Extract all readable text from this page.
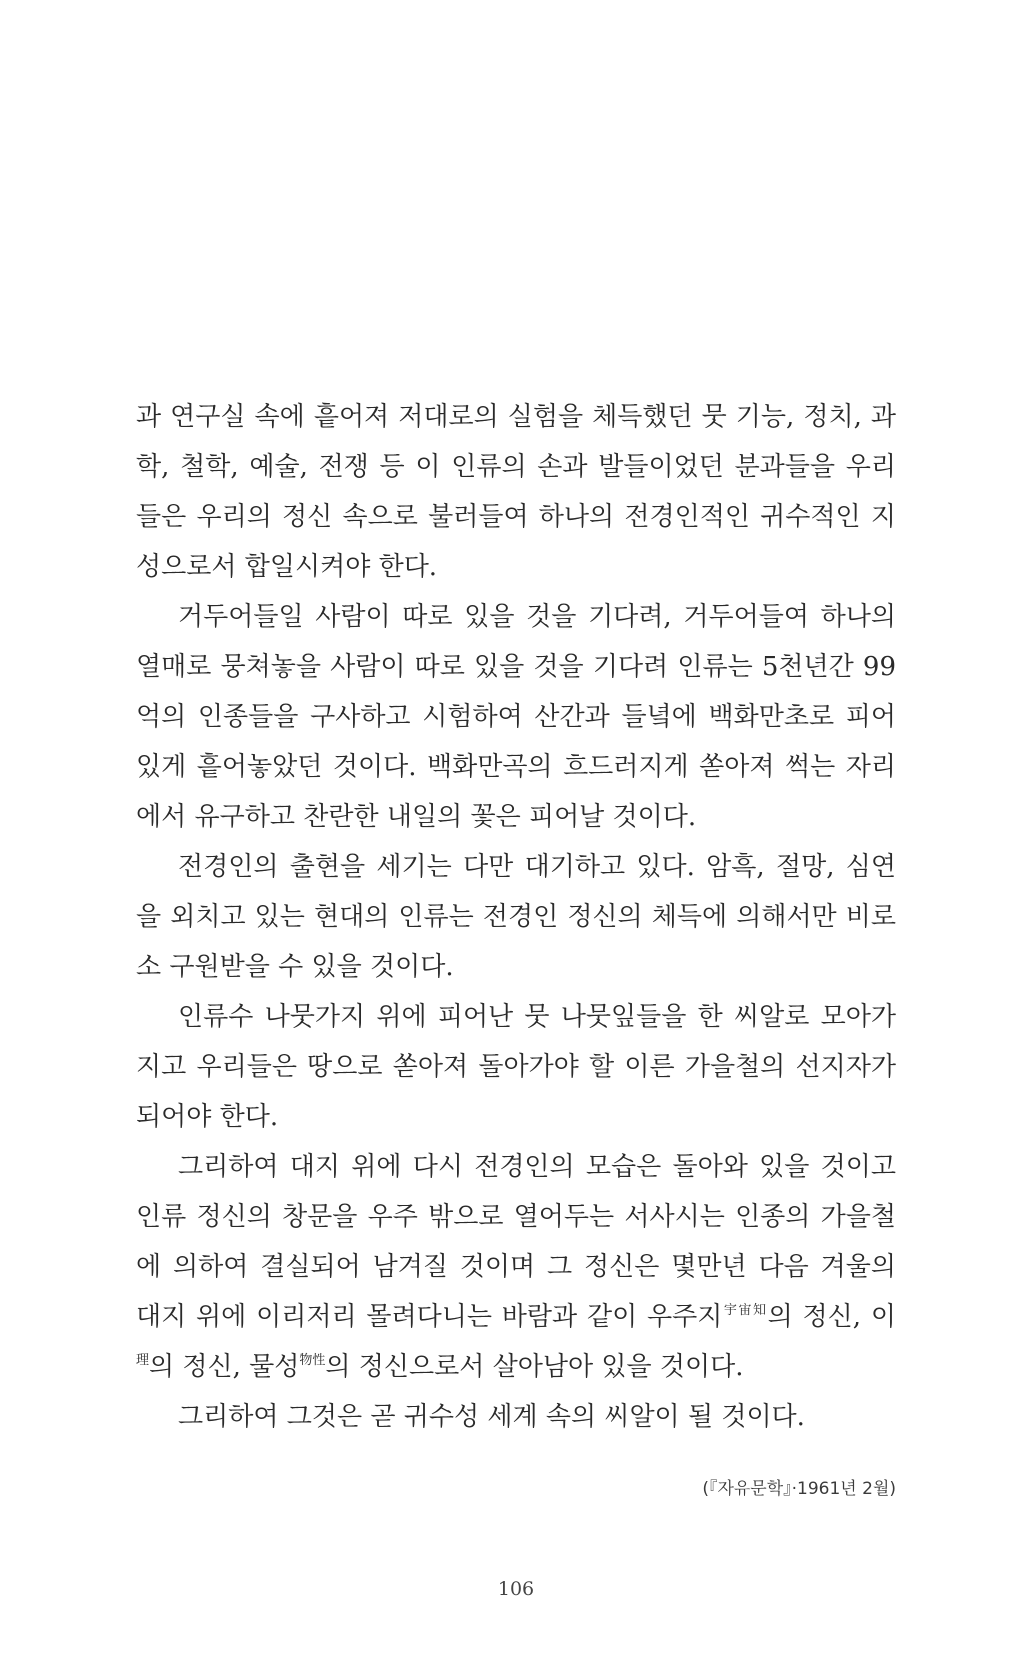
과 연구실 속에 흩어져 저대로의 실험을 체득했던 뭇 기능, 정치, 과
학, 철학, 예술, 전쟁 등 이 인류의 손과 발들이었던 분과들을 우리
들은 우리의 정신 속으로 불러들여 하나의 전경인적인 귀수적인 지
성으로서 합일시켜야 한다.
거두어들일 사람이 따로 있을 것을 기다려, 거두어들여 하나의
열매로 뭉쳐놓을 사람이 따로 있을 것을 기다려 인류는 5천년간 99
억의 인종들을 구사하고 시험하여 산간과 들녘에 백화만초로 피어
있게 흩어놓았던 것이다. 백화만곡의 흐드러지게 쏟아져 썩는 자리
에서 유구하고 찬란한 내일의 꽃은 피어날 것이다.
전경인의 출현을 세기는 다만 대기하고 있다. 암흑, 절망, 심연
을 외치고 있는 현대의 인류는 전경인 정신의 체득에 의해서만 비로
소 구원받을 수 있을 것이다.
인류수 나뭇가지 위에 피어난 뭇 나뭇잎들을 한 씨알로 모아가
지고 우리들은 땅으로 쏟아져 돌아가야 할 이른 가을철의 선지자가
되어야 한다.
그리하여 대지 위에 다시 전경인의 모습은 돌아와 있을 것이고
인류 정신의 창문을 우주 밖으로 열어두는 서사시는 인종의 가을철
에 의하여 결실되어 남겨질 것이며 그 정신은 몇만년 다음 겨울의
대지 위에 이리저리 몰려다니는 바람과 같이 우주지$^{宇宙知}$의 정신, 이
$^理$의 정신, 물성$^{物性}$의 정신으로서 살아남아 있을 것이다.
그리하여 그것은 곧 귀수성 세계 속의 씨알이 될 것이다.
(『자유문학』·1961년 2월)
106
